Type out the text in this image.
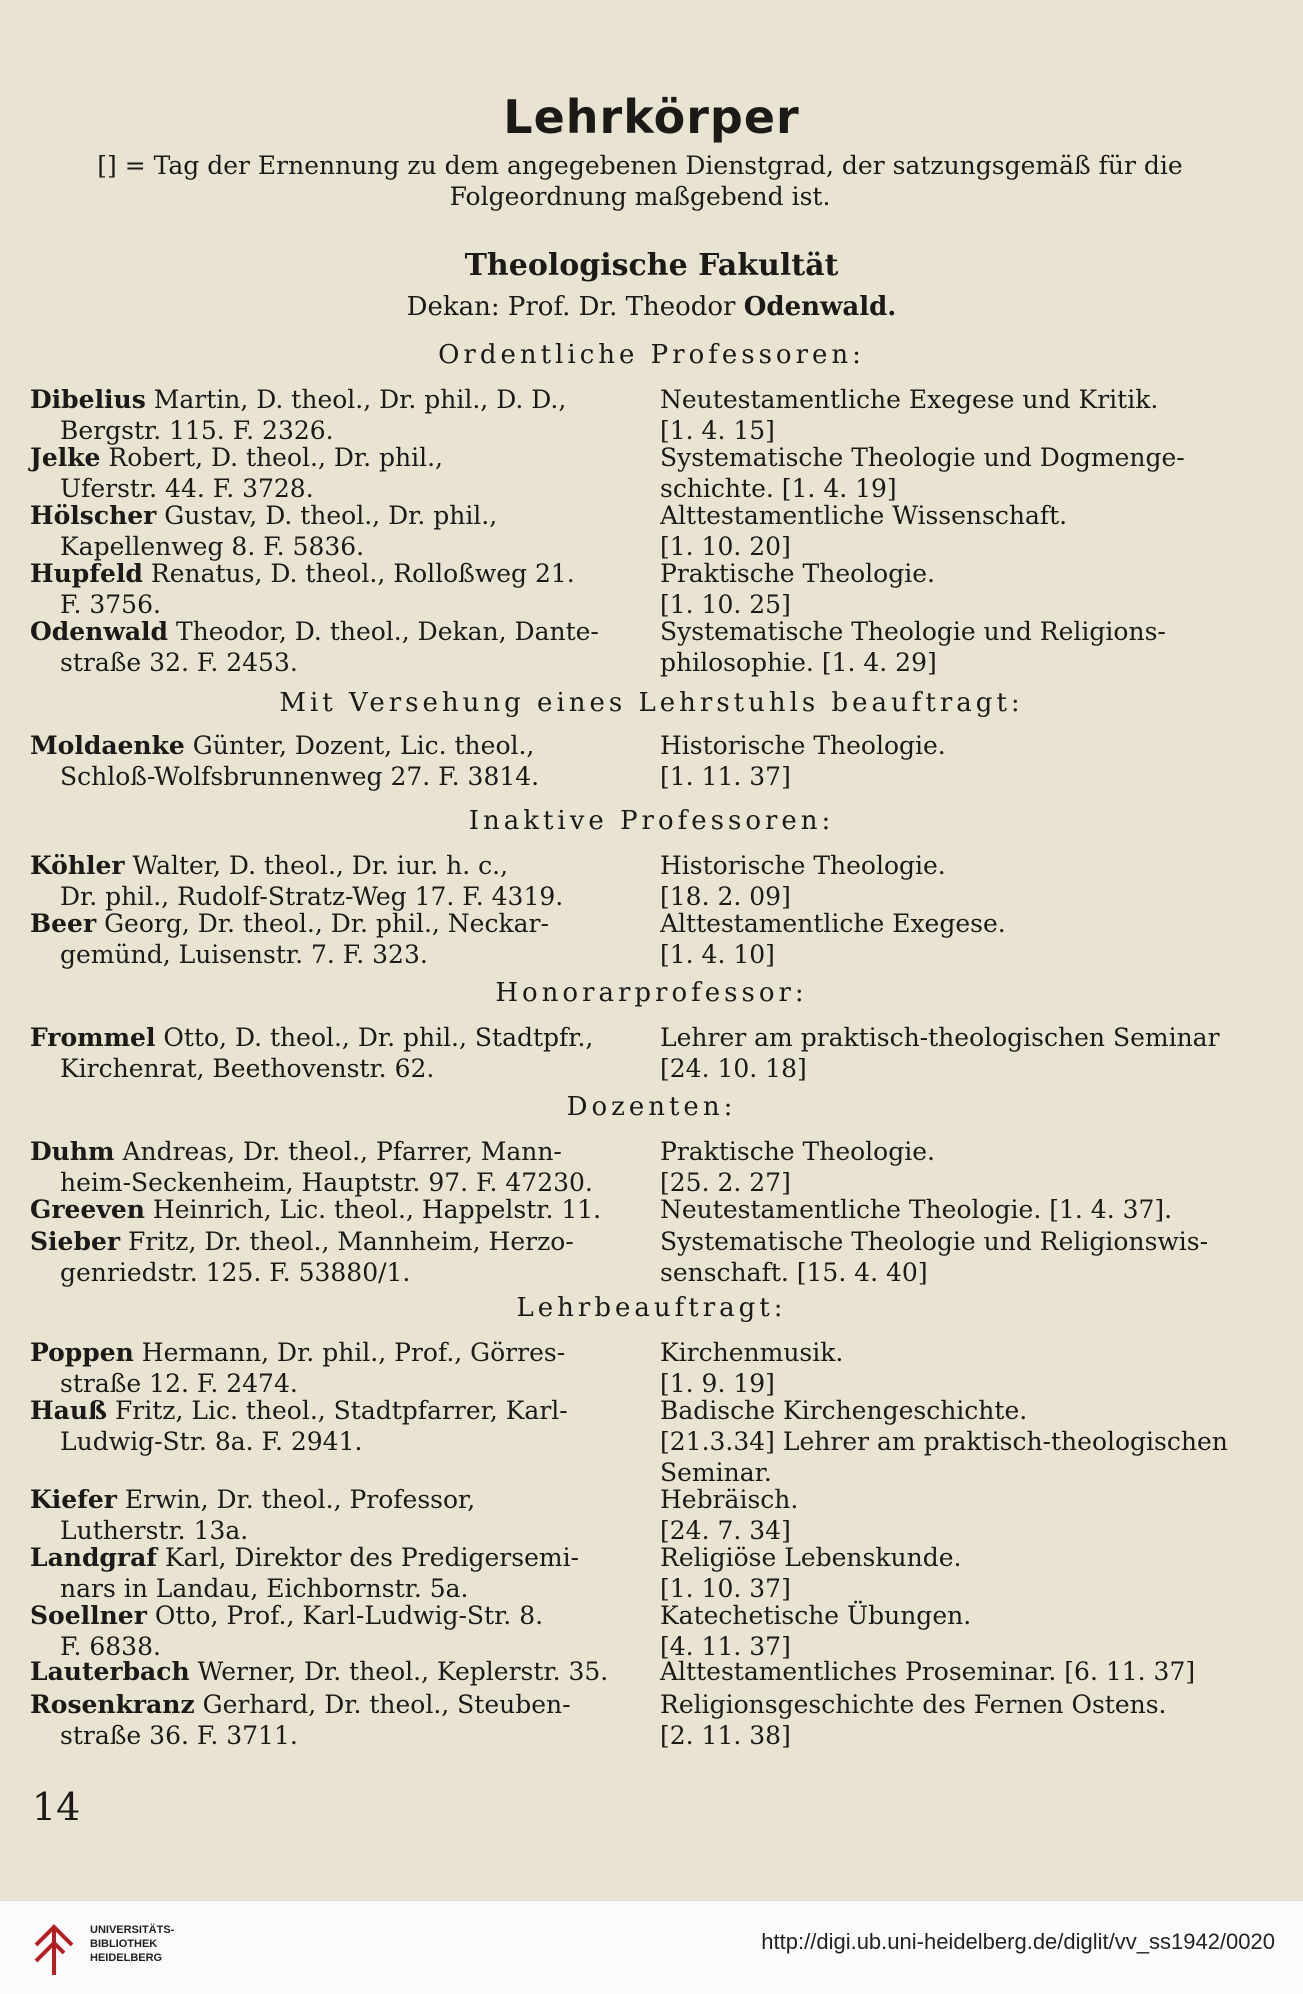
Lehrkörper
[] = Tag der Ernennung zu dem angegebenen Dienstgrad, der satzungsgemäß für die
Folgeordnung maßgebend ist.
Theologische Fakultät
Dekan: Prof. Dr. Theodor Odenwald.
Ordentliche Professoren:
Mit Versehung eines Lehrstuhls beauftragt:
Inaktive Professoren:
Honorarprofessor:
Dozenten:
Lehrbeauftragt:
Dibelius Martin, D. theol., Dr. phil., D. D.,
Bergstr. 115. F. 2326.
Neutestamentliche Exegese und Kritik.
[1. 4. 15]
Jelke Robert, D. theol., Dr. phil.,
Uferstr. 44. F. 3728.
Systematische Theologie und Dogmenge-
schichte. [1. 4. 19]
Hölscher Gustav, D. theol., Dr. phil.,
Kapellenweg 8. F. 5836.
Alttestamentliche Wissenschaft.
[1. 10. 20]
Hupfeld Renatus, D. theol., Rolloßweg 21.
F. 3756.
Praktische Theologie.
[1. 10. 25]
Odenwald Theodor, D. theol., Dekan, Dante-
straße 32. F. 2453.
Systematische Theologie und Religions-
philosophie. [1. 4. 29]
Moldaenke Günter, Dozent, Lic. theol.,
Schloß-Wolfsbrunnenweg 27. F. 3814.
Historische Theologie.
[1. 11. 37]
Köhler Walter, D. theol., Dr. iur. h. c.,
Dr. phil., Rudolf-Stratz-Weg 17. F. 4319.
Historische Theologie.
[18. 2. 09]
Beer Georg, Dr. theol., Dr. phil., Neckar-
gemünd, Luisenstr. 7. F. 323.
Alttestamentliche Exegese.
[1. 4. 10]
Frommel Otto, D. theol., Dr. phil., Stadtpfr.,
Kirchenrat, Beethovenstr. 62.
Lehrer am praktisch-theologischen Seminar
[24. 10. 18]
Duhm Andreas, Dr. theol., Pfarrer, Mann-
heim-Seckenheim, Hauptstr. 97. F. 47230.
Praktische Theologie.
[25. 2. 27]
Greeven Heinrich, Lic. theol., Happelstr. 11.	Neutestamentliche Theologie. [1. 4. 37].
Sieber Fritz, Dr. theol., Mannheim, Herzo-
genriedstr. 125. F. 53880/1.
Systematische Theologie und Religionswis-
senschaft. [15. 4. 40]
Poppen Hermann, Dr. phil., Prof., Görres-
straße 12. F. 2474.
Kirchenmusik.
[1. 9. 19]
Hauß Fritz, Lic. theol., Stadtpfarrer, Karl-
Ludwig-Str. 8a. F. 2941.
Badische Kirchengeschichte.
[21.3.34] Lehrer am praktisch-theologischen
Seminar.
Kiefer Erwin, Dr. theol., Professor,
Lutherstr. 13a.
Hebräisch.
[24. 7. 34]
Landgraf Karl, Direktor des Predigersemi-
nars in Landau, Eichbornstr. 5a.
Religiöse Lebenskunde.
[1. 10. 37]
Soellner Otto, Prof., Karl-Ludwig-Str. 8.
F. 6838.
Katechetische Übungen.
[4. 11. 37]
Lauterbach Werner, Dr. theol., Keplerstr. 35.	Alttestamentliches Proseminar. [6. 11. 37]
Rosenkranz Gerhard, Dr. theol., Steuben-
straße 36. F. 3711.
Religionsgeschichte des Fernen Ostens.
[2. 11. 38]
14
UNIVERSITÄTS-
BIBLIOTHEK
HEIDELBERG
http://digi.ub.uni-heidelberg.de/diglit/vv_ss1942/0020
